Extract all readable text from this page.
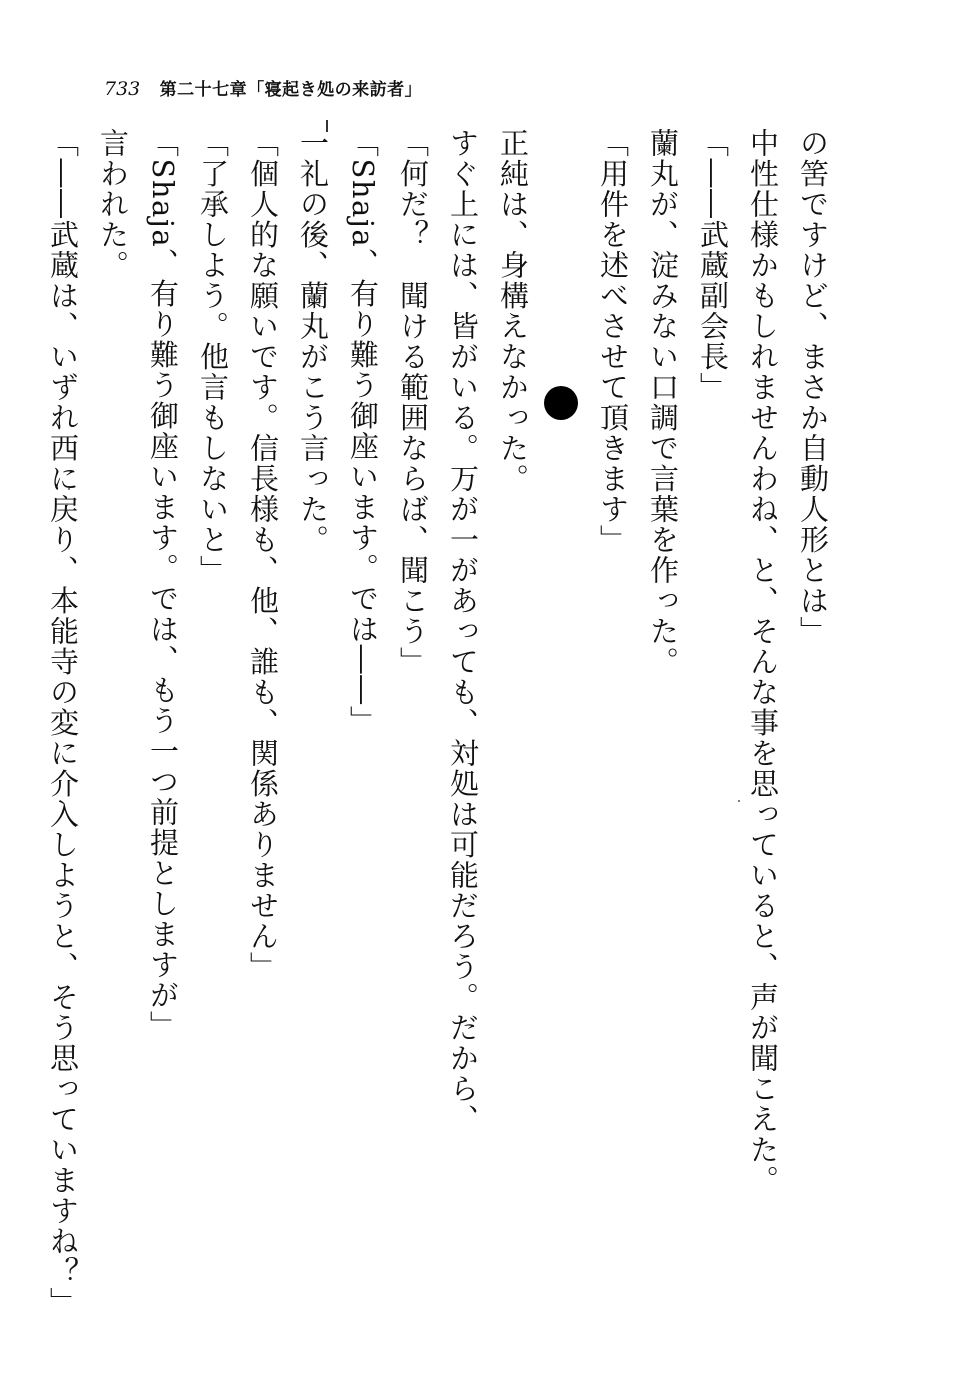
733 第二十七章「寝起き処の来訪者」
の筈ですけど、まさか自動人形とは」
中性仕様かもしれませんわね、と、そんな事を思っていると、声が聞こえた。
「――武蔵副会長」
蘭丸が、淀みない口調で言葉を作った。
「用件を述べさせて頂きます」
正純は、身構えなかった。
すぐ上には、皆がいる。万が一があっても、対処は可能だろう。だから、
「何だ？　聞ける範囲ならば、聞こう」
「Shaja、有り難う御座います。では――」
一礼の後、蘭丸がこう言った。
「個人的な願いです。信長様も、他、誰も、関係ありません」
「了承しよう。他言もしないと」
「Shaja、有り難う御座います。では、もう一つ前提としますが」
言われた。
「――武蔵は、いずれ西に戻り、本能寺の変に介入しようと、そう思っていますね？」
